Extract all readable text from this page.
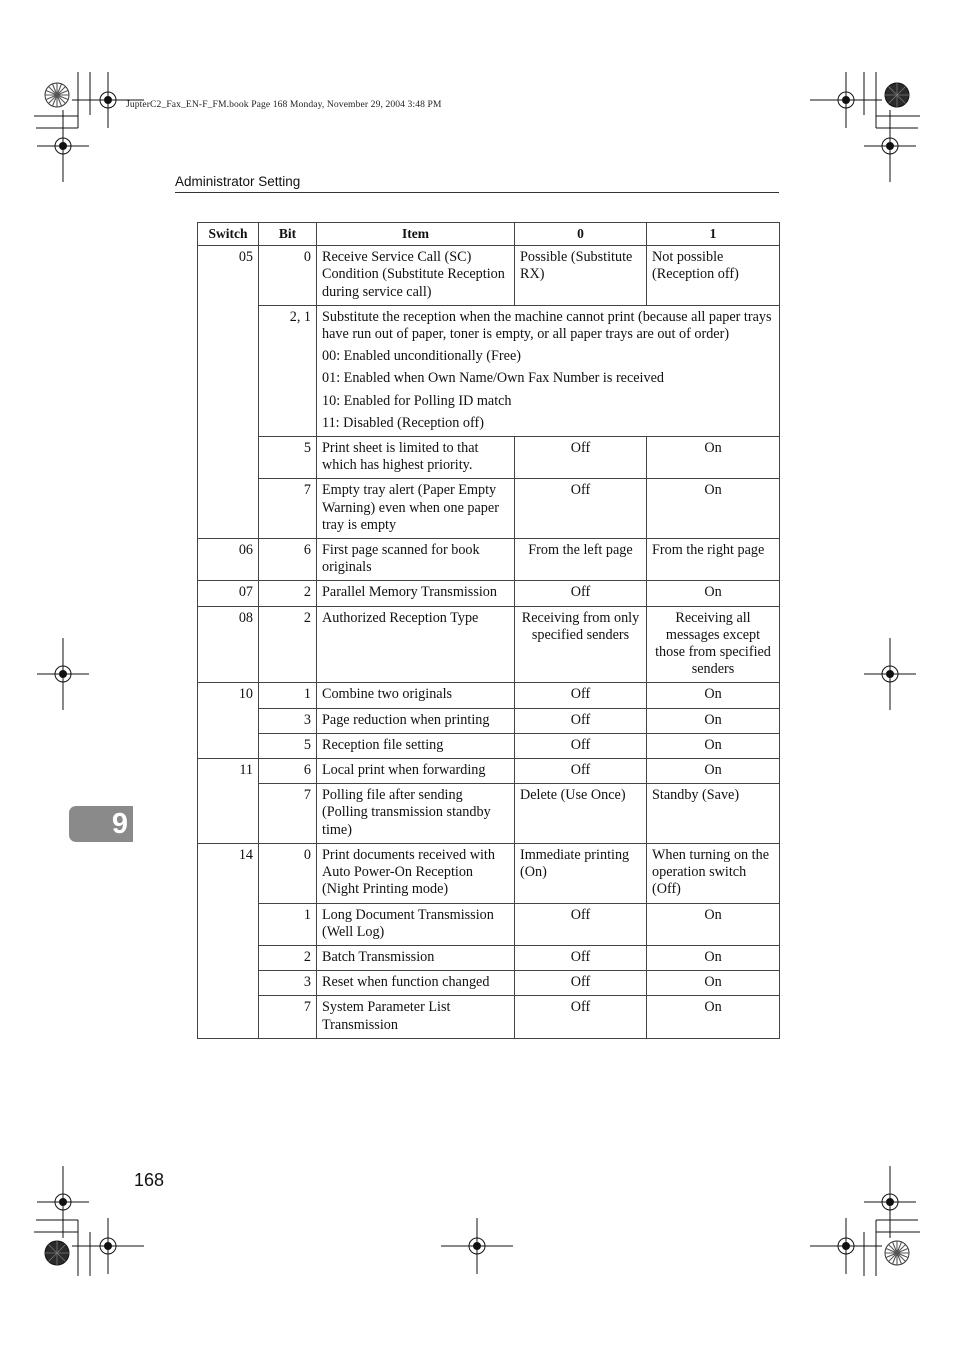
JupterC2_Fax_EN-F_FM.book Page 168 Monday, November 29, 2004 3:48 PM
Administrator Setting
Switch	Bit	Item	0	1
05	0	Receive Service Call (SC) Condition (Substitute Reception during service call)	Possible (Substitute RX)	Not possible (Reception off)
	2, 1	Substitute the reception when the machine cannot print (because all paper trays have run out of paper, toner is empty, or all paper trays are out of order)
00: Enabled unconditionally (Free)
01: Enabled when Own Name/Own Fax Number is received
10: Enabled for Polling ID match
11: Disabled (Reception off)		

	5	Print sheet is limited to that which has highest priority.	Off	On
	7	Empty tray alert (Paper Empty Warning) even when one paper tray is empty	Off	On
06	6	First page scanned for book originals	From the left page	From the right page
07	2	Parallel Memory Transmission	Off	On
08	2	Authorized Reception Type	Receiving from only specified senders	Receiving all messages except those from specified senders
10	1	Combine two originals	Off	On
	3	Page reduction when printing	Off	On
	5	Reception file setting	Off	On
11	6	Local print when forwarding	Off	On
	7	Polling file after sending (Polling transmission standby time)	Delete (Use Once)	Standby (Save)
14	0	Print documents received with Auto Power-On Reception (Night Printing mode)	Immediate printing (On)	When turning on the operation switch (Off)
	1	Long Document Transmission (Well Log)	Off	On
	2	Batch Transmission	Off	On
	3	Reset when function changed	Off	On
	7	System Parameter List Transmission	Off	On
9
168
